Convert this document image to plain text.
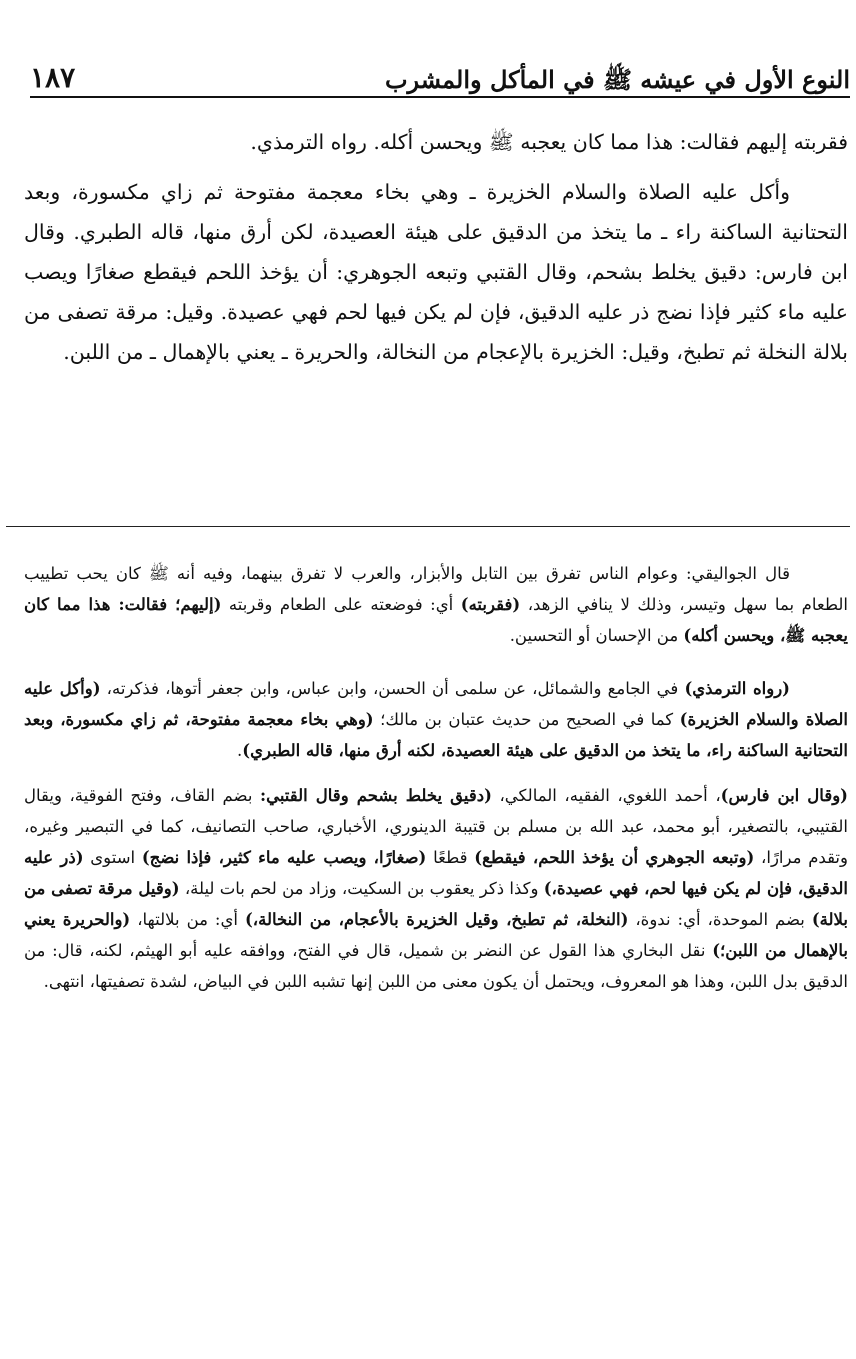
النوع الأول في عيشه ﷺ في المأكل والمشرب
١٨٧

فقربته إليهم فقالت: هذا مما كان يعجبه ﷺ ويحسن أكله. رواه الترمذي.

وأكل عليه الصلاة والسلام الخزيرة ـ وهي بخاء معجمة مفتوحة ثم زاي مكسورة، وبعد التحتانية الساكنة راء ـ ما يتخذ من الدقيق على هيئة العصيدة، لكن أرق منها، قاله الطبري. وقال ابن فارس: دقيق يخلط بشحم، وقال القتبي وتبعه الجوهري: أن يؤخذ اللحم فيقطع صغارًا ويصب عليه ماء كثير فإذا نضج ذر عليه الدقيق، فإن لم يكن فيها لحم فهي عصيدة. وقيل: مرقة تصفى من بلالة النخلة ثم تطبخ، وقيل: الخزيرة بالإعجام من النخالة، والحريرة ـ يعني بالإهمال ـ من اللبن.

قال الجواليقي: وعوام الناس تفرق بين التابل والأبزار، والعرب لا تفرق بينهما، وفيه أنه ﷺ كان يحب تطييب الطعام بما سهل وتيسر، وذلك لا ينافي الزهد، (فقربته) أي: فوضعته على الطعام وقربته (إليهم؛ فقالت: هذا مما كان يعجبه ﷺ، ويحسن أكله) من الإحسان أو التحسين.

(رواه الترمذي) في الجامع والشمائل، عن سلمى أن الحسن، وابن عباس، وابن جعفر أتوها، فذكرته، (وأكل عليه الصلاة والسلام الخزيرة) كما في الصحيح من حديث عتبان بن مالك؛ (وهي بخاء معجمة مفتوحة، ثم زاي مكسورة، وبعد التحتانية الساكنة راء، ما يتخذ من الدقيق على هيئة العصيدة، لكنه أرق منها، قاله الطبري).

(وقال ابن فارس)، أحمد اللغوي، الفقيه، المالكي، (دقيق يخلط بشحم وقال القتبي: بضم القاف، وفتح الفوقية، ويقال القتيبي، بالتصغير، أبو محمد، عبد الله بن مسلم بن قتيبة الدينوري، الأخباري، صاحب التصانيف، كما في التبصير وغيره، وتقدم مرارًا، (وتبعه الجوهري أن يؤخذ اللحم، فيقطع) قطعًا (صغارًا، ويصب عليه ماء كثير، فإذا نضج) استوى (ذر عليه الدقيق، فإن لم يكن فيها لحم، فهي عصيدة،) وكذا ذكر يعقوب بن السكيت، وزاد من لحم بات ليلة، (وقيل مرقة تصفى من بلالة) بضم الموحدة، أي: ندوة، (النخلة، ثم تطبخ، وقيل الخزيرة بالأعجام، من النخالة،) أي: من بلالتها، (والحريرة يعني بالإهمال من اللبن؛) نقل البخاري هذا القول عن النضر بن شميل، قال في الفتح، ووافقه عليه أبو الهيثم، لكنه، قال: من الدقيق بدل اللبن، وهذا هو المعروف، ويحتمل أن يكون معنى من اللبن إنها تشبه اللبن في البياض، لشدة تصفيتها، انتهى.
